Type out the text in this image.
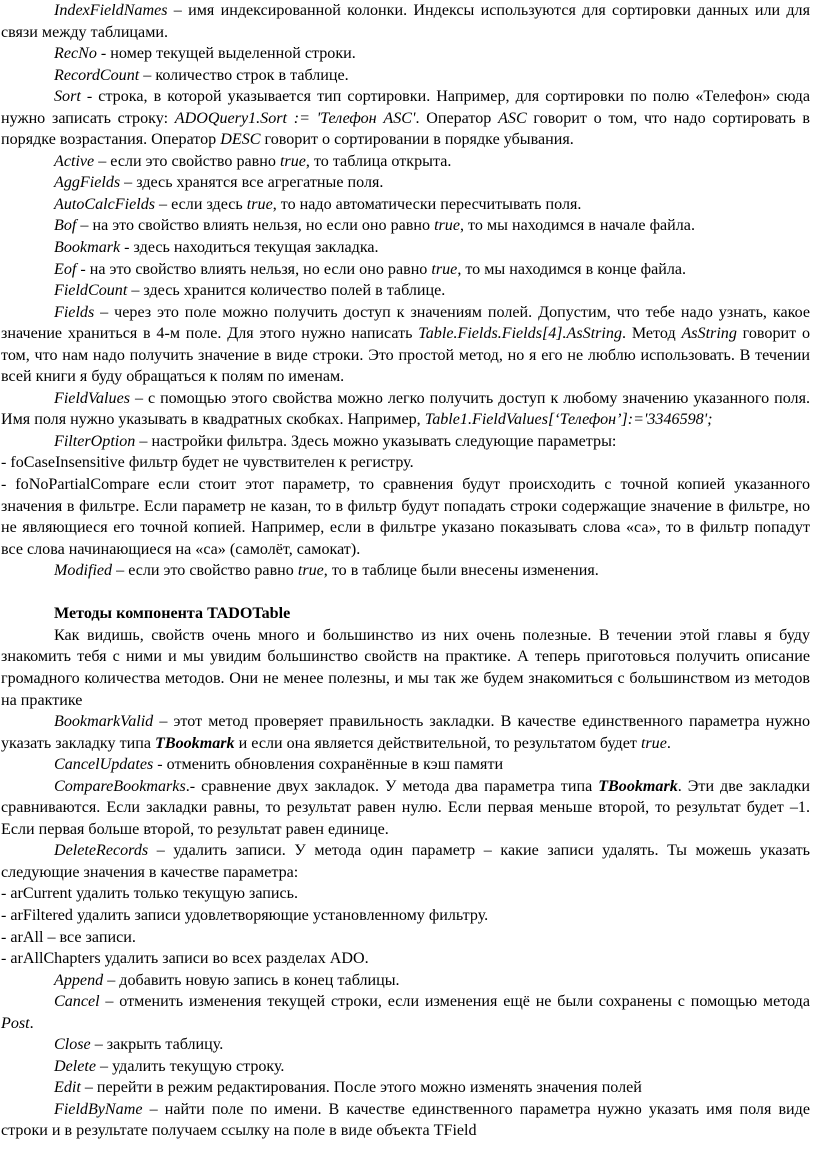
IndexFieldNames – имя индексированной колонки. Индексы используются для сортировки данных или для связи между таблицами.

RecNo - номер текущей выделенной строки.

RecordCount – количество строк в таблице.

Sort - строка, в которой указывается тип сортировки. Например, для сортировки по полю «Телефон» сюда нужно записать строку: ADOQuery1.Sort := 'Телефон ASC'. Оператор ASC говорит о том, что надо сортировать в порядке возрастания. Оператор DESC говорит о сортировании в порядке убывания.

Active – если это свойство равно true, то таблица открыта.

AggFields – здесь хранятся все агрегатные поля.

AutoCalcFields – если здесь true, то надо автоматически пересчитывать поля.

Bof – на это свойство влиять нельзя, но если оно равно true, то мы находимся в начале файла.

Bookmark - здесь находиться текущая закладка.

Eof - на это свойство влиять нельзя, но если оно равно true, то мы находимся в конце файла.

FieldCount – здесь хранится количество полей в таблице.

Fields – через это поле можно получить доступ к значениям полей. Допустим, что тебе надо узнать, какое значение храниться в 4-м поле. Для этого нужно написать Table.Fields.Fields[4].AsString. Метод AsString говорит о том, что нам надо получить значение в виде строки. Это простой метод, но я его не люблю использовать. В течении всей книги я буду обращаться к полям по именам.

FieldValues – с помощью этого свойства можно легко получить доступ к любому значению указанного поля. Имя поля нужно указывать в квадратных скобках. Например, Table1.FieldValues[‘Телефон’]:='3346598';

FilterOption – настройки фильтра. Здесь можно указывать следующие параметры:

- foCaseInsensitive фильтр будет не чувствителен к регистру.

- foNoPartialCompare если стоит этот параметр, то сравнения будут происходить с точной копией указанного значения в фильтре. Если параметр не казан, то в фильтр будут попадать строки содержащие значение в фильтре, но не являющиеся его точной копией. Например, если в фильтре указано показывать слова «са», то в фильтр попадут все слова начинающиеся на «са» (самолёт, самокат).

Modified – если это свойство равно true, то в таблице были внесены изменения.

Методы компонента TADOTable

Как видишь, свойств очень много и большинство из них очень полезные. В течении этой главы я буду знакомить тебя с ними и мы увидим большинство свойств на практике. А теперь приготовься получить описание громадного количества методов. Они не менее полезны, и мы так же будем знакомиться с большинством из методов на практике

BookmarkValid – этот метод проверяет правильность закладки. В качестве единственного параметра нужно указать закладку типа TBookmark и если она является действительной, то результатом будет true.

CancelUpdates - отменить обновления сохранённые в кэш памяти

CompareBookmarks.- сравнение двух закладок. У метода два параметра типа TBookmark. Эти две закладки сравниваются. Если закладки равны, то результат равен нулю. Если первая меньше второй, то результат будет –1. Если первая больше второй, то результат равен единице.

DeleteRecords – удалить записи. У метода один параметр – какие записи удалять. Ты можешь указать следующие значения в качестве параметра:

- arCurrent удалить только текущую запись.

- arFiltered удалить записи удовлетворяющие установленному фильтру.

- arAll – все записи.

- arAllChapters удалить записи во всех разделах ADO.

Append – добавить новую запись в конец таблицы.

Cancel – отменить изменения текущей строки, если изменения ещё не были сохранены с помощью метода Post.

Close – закрыть таблицу.

Delete – удалить текущую строку.

Edit – перейти в режим редактирования. После этого можно изменять значения полей

FieldByName – найти поле по имени. В качестве единственного параметра нужно указать имя поля виде строки и в результате получаем ссылку на поле в виде объекта TField
